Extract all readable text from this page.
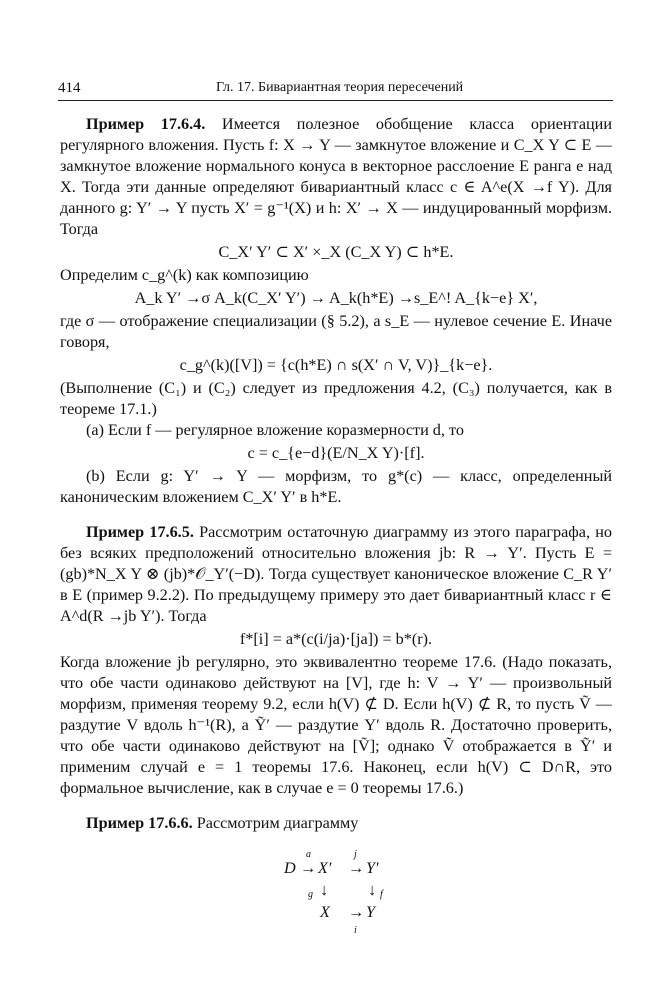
414	Гл. 17. Бивариантная теория пересечений

Пример 17.6.4. Имеется полезное обобщение класса ориентации регулярного вложения. Пусть f: X → Y — замкнутое вложение и C_X Y ⊂ E — замкнутое вложение нормального конуса в векторное расслоение E ранга e над X. Тогда эти данные определяют бивариантный класс c ∈ A^e(X →f Y). Для данного g: Y′ → Y пусть X′ = g⁻¹(X) и h: X′ → X — индуцированный морфизм. Тогда

C_X′ Y′ ⊂ X′ ×_X (C_X Y) ⊂ h*E.

Определим c_g^(k) как композицию

A_k Y′ →σ A_k(C_X′ Y′) → A_k(h*E) →s_E^! A_{k−e} X′,

где σ — отображение специализации (§ 5.2), а s_E — нулевое сечение E. Иначе говоря,

c_g^(k)([V]) = {c(h*E) ∩ s(X′ ∩ V, V)}_{k−e}.

(Выполнение (C₁) и (C₂) следует из предложения 4.2, (C₃) получается, как в теореме 17.1.)

(a) Если f — регулярное вложение коразмерности d, то

c = c_{e−d}(E/N_X Y)·[f].

(b) Если g: Y′ → Y — морфизм, то g*(c) — класс, определенный каноническим вложением C_X′ Y′ в h*E.

Пример 17.6.5. Рассмотрим остаточную диаграмму из этого параграфа, но без всяких предположений относительно вложения jb: R → Y′. Пусть E = (gb)*N_X Y ⊗ (jb)*𝒪_Y′(−D). Тогда существует каноническое вложение C_R Y′ в E (пример 9.2.2). По предыдущему примеру это дает бивариантный класс r ∈ A^d(R →jb Y′). Тогда

f*[i] = a*(c(i/ja)·[ja]) = b*(r).

Когда вложение jb регулярно, это эквивалентно теореме 17.6. (Надо показать, что обе части одинаково действуют на [V], где h: V → Y′ — произвольный морфизм, применяя теорему 9.2, если h(V) ⊄ D. Если h(V) ⊄ R, то пусть Ṽ — раздутие V вдоль h⁻¹(R), а Ỹ′ — раздутие Y′ вдоль R. Достаточно проверить, что обе части одинаково действуют на [Ṽ]; однако Ṽ отображается в Ỹ′ и применим случай e = 1 теоремы 17.6. Наконец, если h(V) ⊂ D∩R, это формальное вычисление, как в случае e = 0 теоремы 17.6.)

Пример 17.6.6. Рассмотрим диаграмму

D →
a
X′ →
j
Y′
g ↓ ↓ f
X →
i
Y
